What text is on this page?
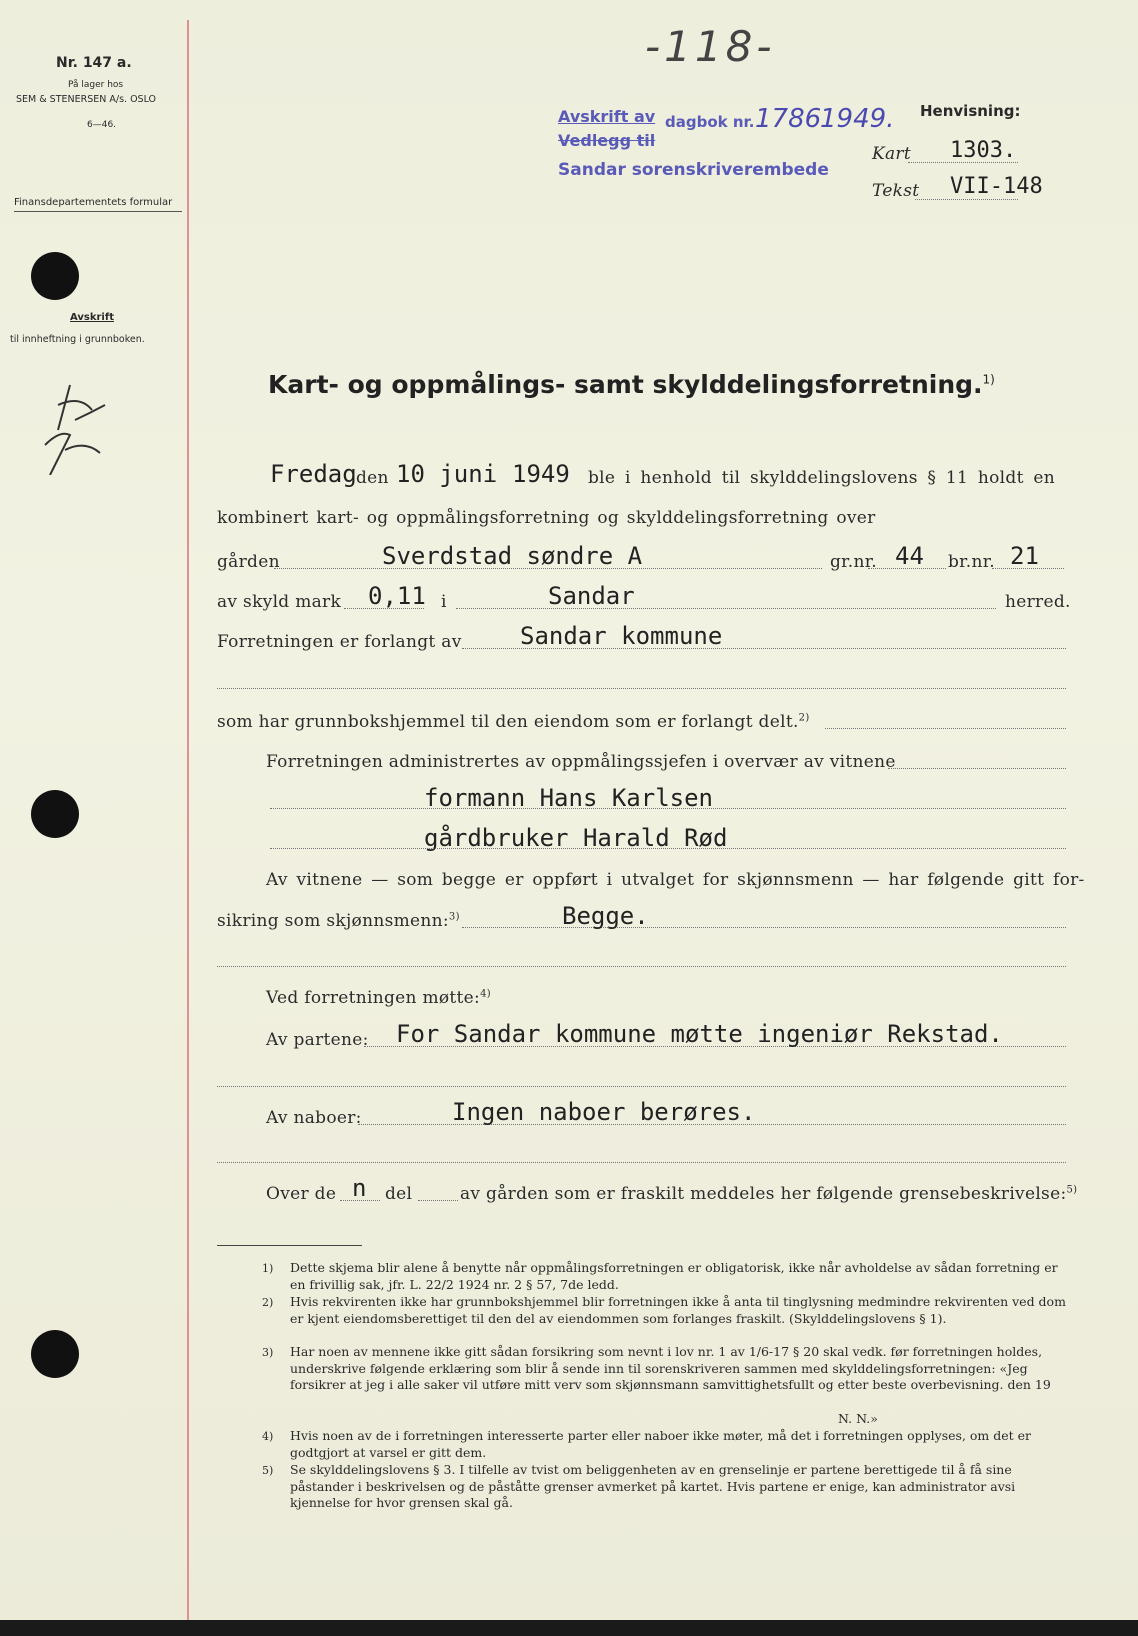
Nr. 147 a.
På lager hos
SEM & STENERSEN A/s. OSLO
6—46.
Finansdepartementets formular
Avskrift
til innheftning i grunnboken.
-118-
Avskrift av dagbok nr. 1786
1949.
Vedlegg til
Sandar sorenskriverembede
Henvisning:
Kart 1303.
Tekst VII-148
Kart- og oppmålings- samt skylddelingsforretning.$^{1)}$
Fredag den 10 juni 1949 ble i henhold til skylddelingslovens § 11 holdt en
kombinert kart- og oppmålingsforretning og skylddelingsforretning over
gården	Sverdstad søndre A	gr.nr. 44 br.nr. 21
av skyld mark 0,11 i	Sandar	herred.
Forretningen er forlangt av Sandar kommune
som har grunnbokshjemmel til den eiendom som er forlangt delt.$^{2)}$
Forretningen administrertes av oppmålingssjefen i overvær av vitnene
formann Hans Karlsen
gårdbruker Harald Rød
Av vitnene — som begge er oppført i utvalget for skjønnsmenn — har følgende gitt for-
sikring som skjønnsmenn:$^{3)}$	Begge.
Ved forretningen møtte:$^{4)}$
Av partene: For Sandar kommune møtte ingeniør Rekstad.
Av naboer:	Ingen naboer berøres.
Over de n del	av gården som er fraskilt meddeles her følgende grensebeskrivelse:$^{5)}$
1) Dette skjema blir alene å benytte når oppmålingsforretningen er obligatorisk, ikke når avholdelse av sådan forretning er en frivillig sak, jfr. L. 22/2 1924 nr. 2 § 57, 7de ledd.
2) Hvis rekvirenten ikke har grunnbokshjemmel blir forretningen ikke å anta til tinglysning medmindre rekvirenten ved dom er kjent eiendomsberettiget til den del av eiendommen som forlanges fraskilt. (Skylddelingslovens § 1).
3) Har noen av mennene ikke gitt sådan forsikring som nevnt i lov nr. 1 av 1/6-17 § 20 skal vedk. før forretningen holdes, underskrive følgende erklæring som blir å sende inn til sorenskriveren sammen med skylddelingsforretningen: «Jeg forsikrer at jeg i alle saker vil utføre mitt verv som skjønnsmann samvittighetsfullt og etter beste overbevisning. den 19
N. N.»
4) Hvis noen av de i forretningen interesserte parter eller naboer ikke møter, må det i forretningen opplyses, om det er godtgjort at varsel er gitt dem.
5) Se skylddelingslovens § 3. I tilfelle av tvist om beliggenheten av en grenselinje er partene berettigede til å få sine påstander i beskrivelsen og de påståtte grenser avmerket på kartet. Hvis partene er enige, kan administrator avsi kjennelse for hvor grensen skal gå.
